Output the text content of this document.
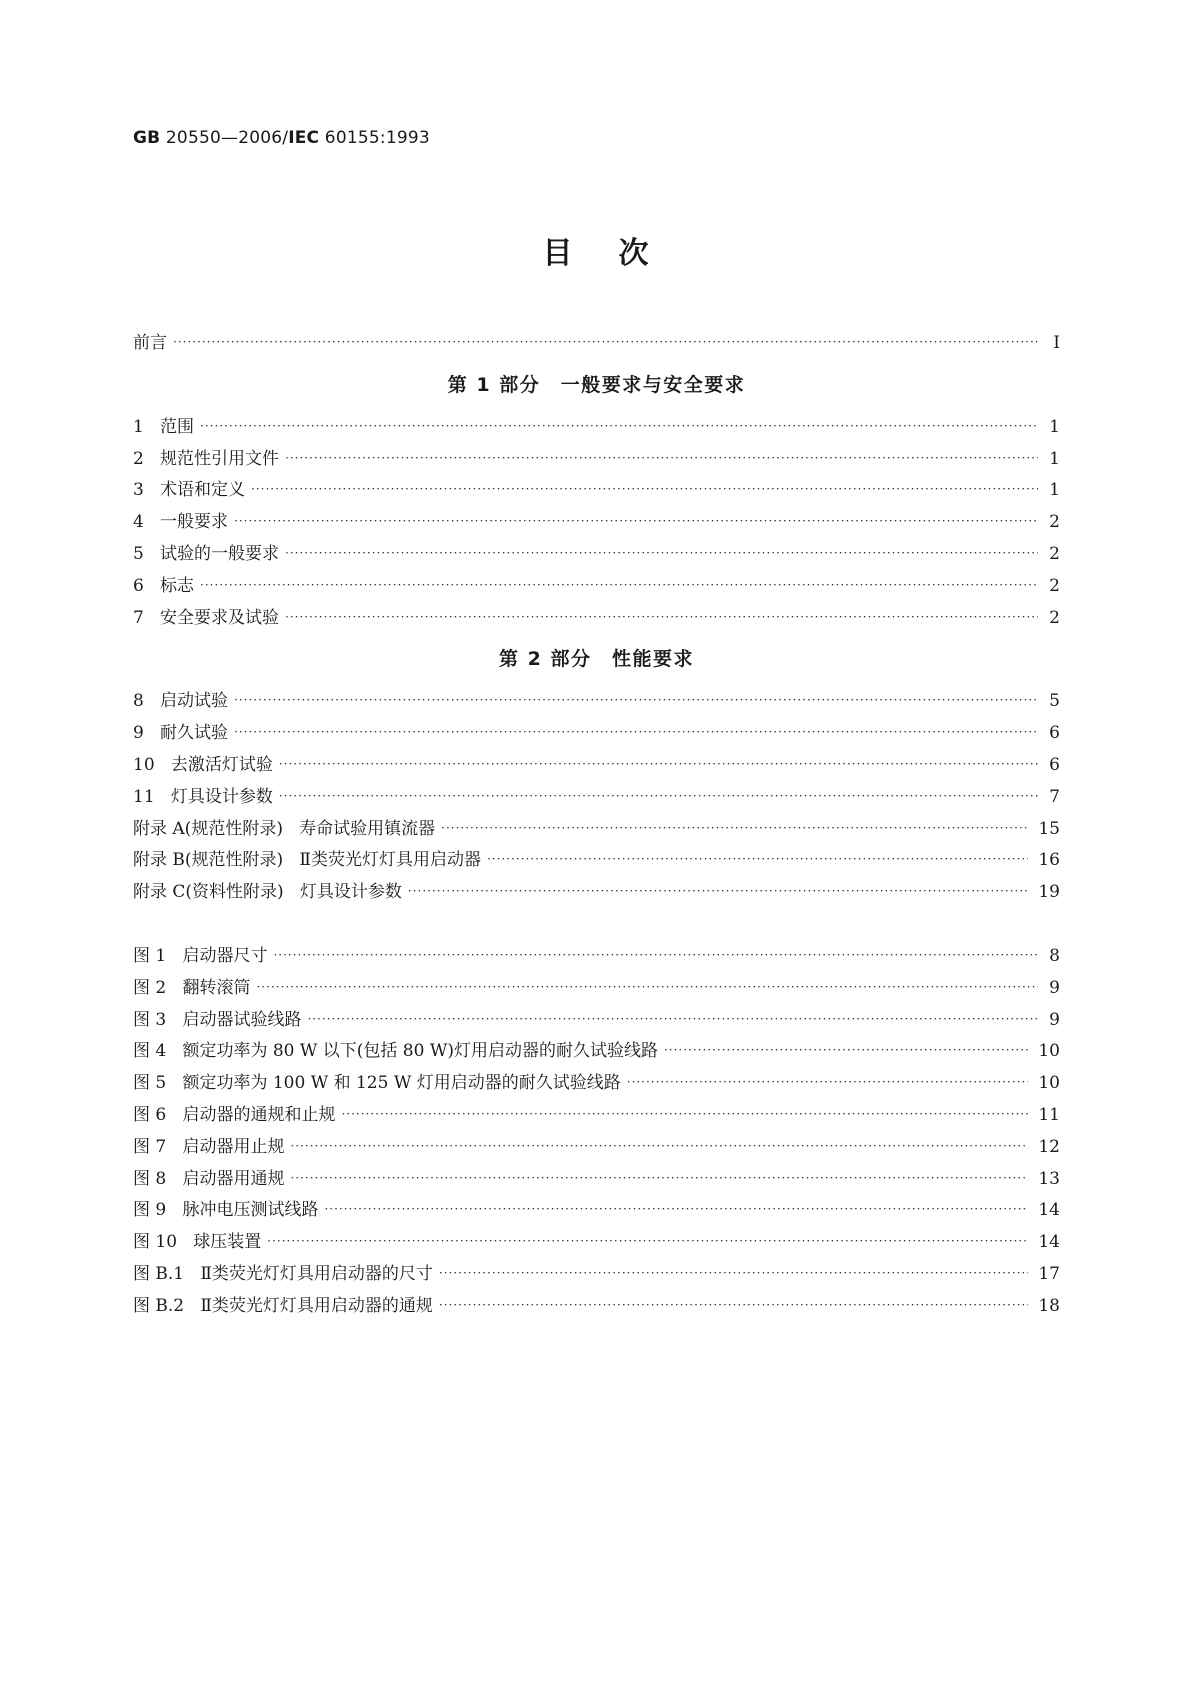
GB 20550—2006/IEC 60155:1993
目次
前言 ·····	I
第 1 部分　一般要求与安全要求
1 范围 ·····	1
2 规范性引用文件 ·····	1
3 术语和定义 ·····	1
4 一般要求 ·····	2
5 试验的一般要求 ·····	2
6 标志 ·····	2
7 安全要求及试验 ·····	2
第 2 部分　性能要求
8 启动试验 ·····	5
9 耐久试验 ·····	6
10 去激活灯试验 ·····	6
11 灯具设计参数 ·····	7
附录 A(规范性附录) 寿命试验用镇流器 ·····	15
附录 B(规范性附录) Ⅱ类荧光灯灯具用启动器 ·····	16
附录 C(资料性附录) 灯具设计参数 ·····	19
图 1 启动器尺寸 ·····	8
图 2 翻转滚筒 ·····	9
图 3 启动器试验线路 ·····	9
图 4 额定功率为 80 W 以下(包括 80 W)灯用启动器的耐久试验线路 ·····	10
图 5 额定功率为 100 W 和 125 W 灯用启动器的耐久试验线路 ·····	10
图 6 启动器的通规和止规 ·····	11
图 7 启动器用止规 ·····	12
图 8 启动器用通规 ·····	13
图 9 脉冲电压测试线路 ·····	14
图 10 球压装置 ·····	14
图 B.1 Ⅱ类荧光灯灯具用启动器的尺寸 ·····	17
图 B.2 Ⅱ类荧光灯灯具用启动器的通规 ·····	18
